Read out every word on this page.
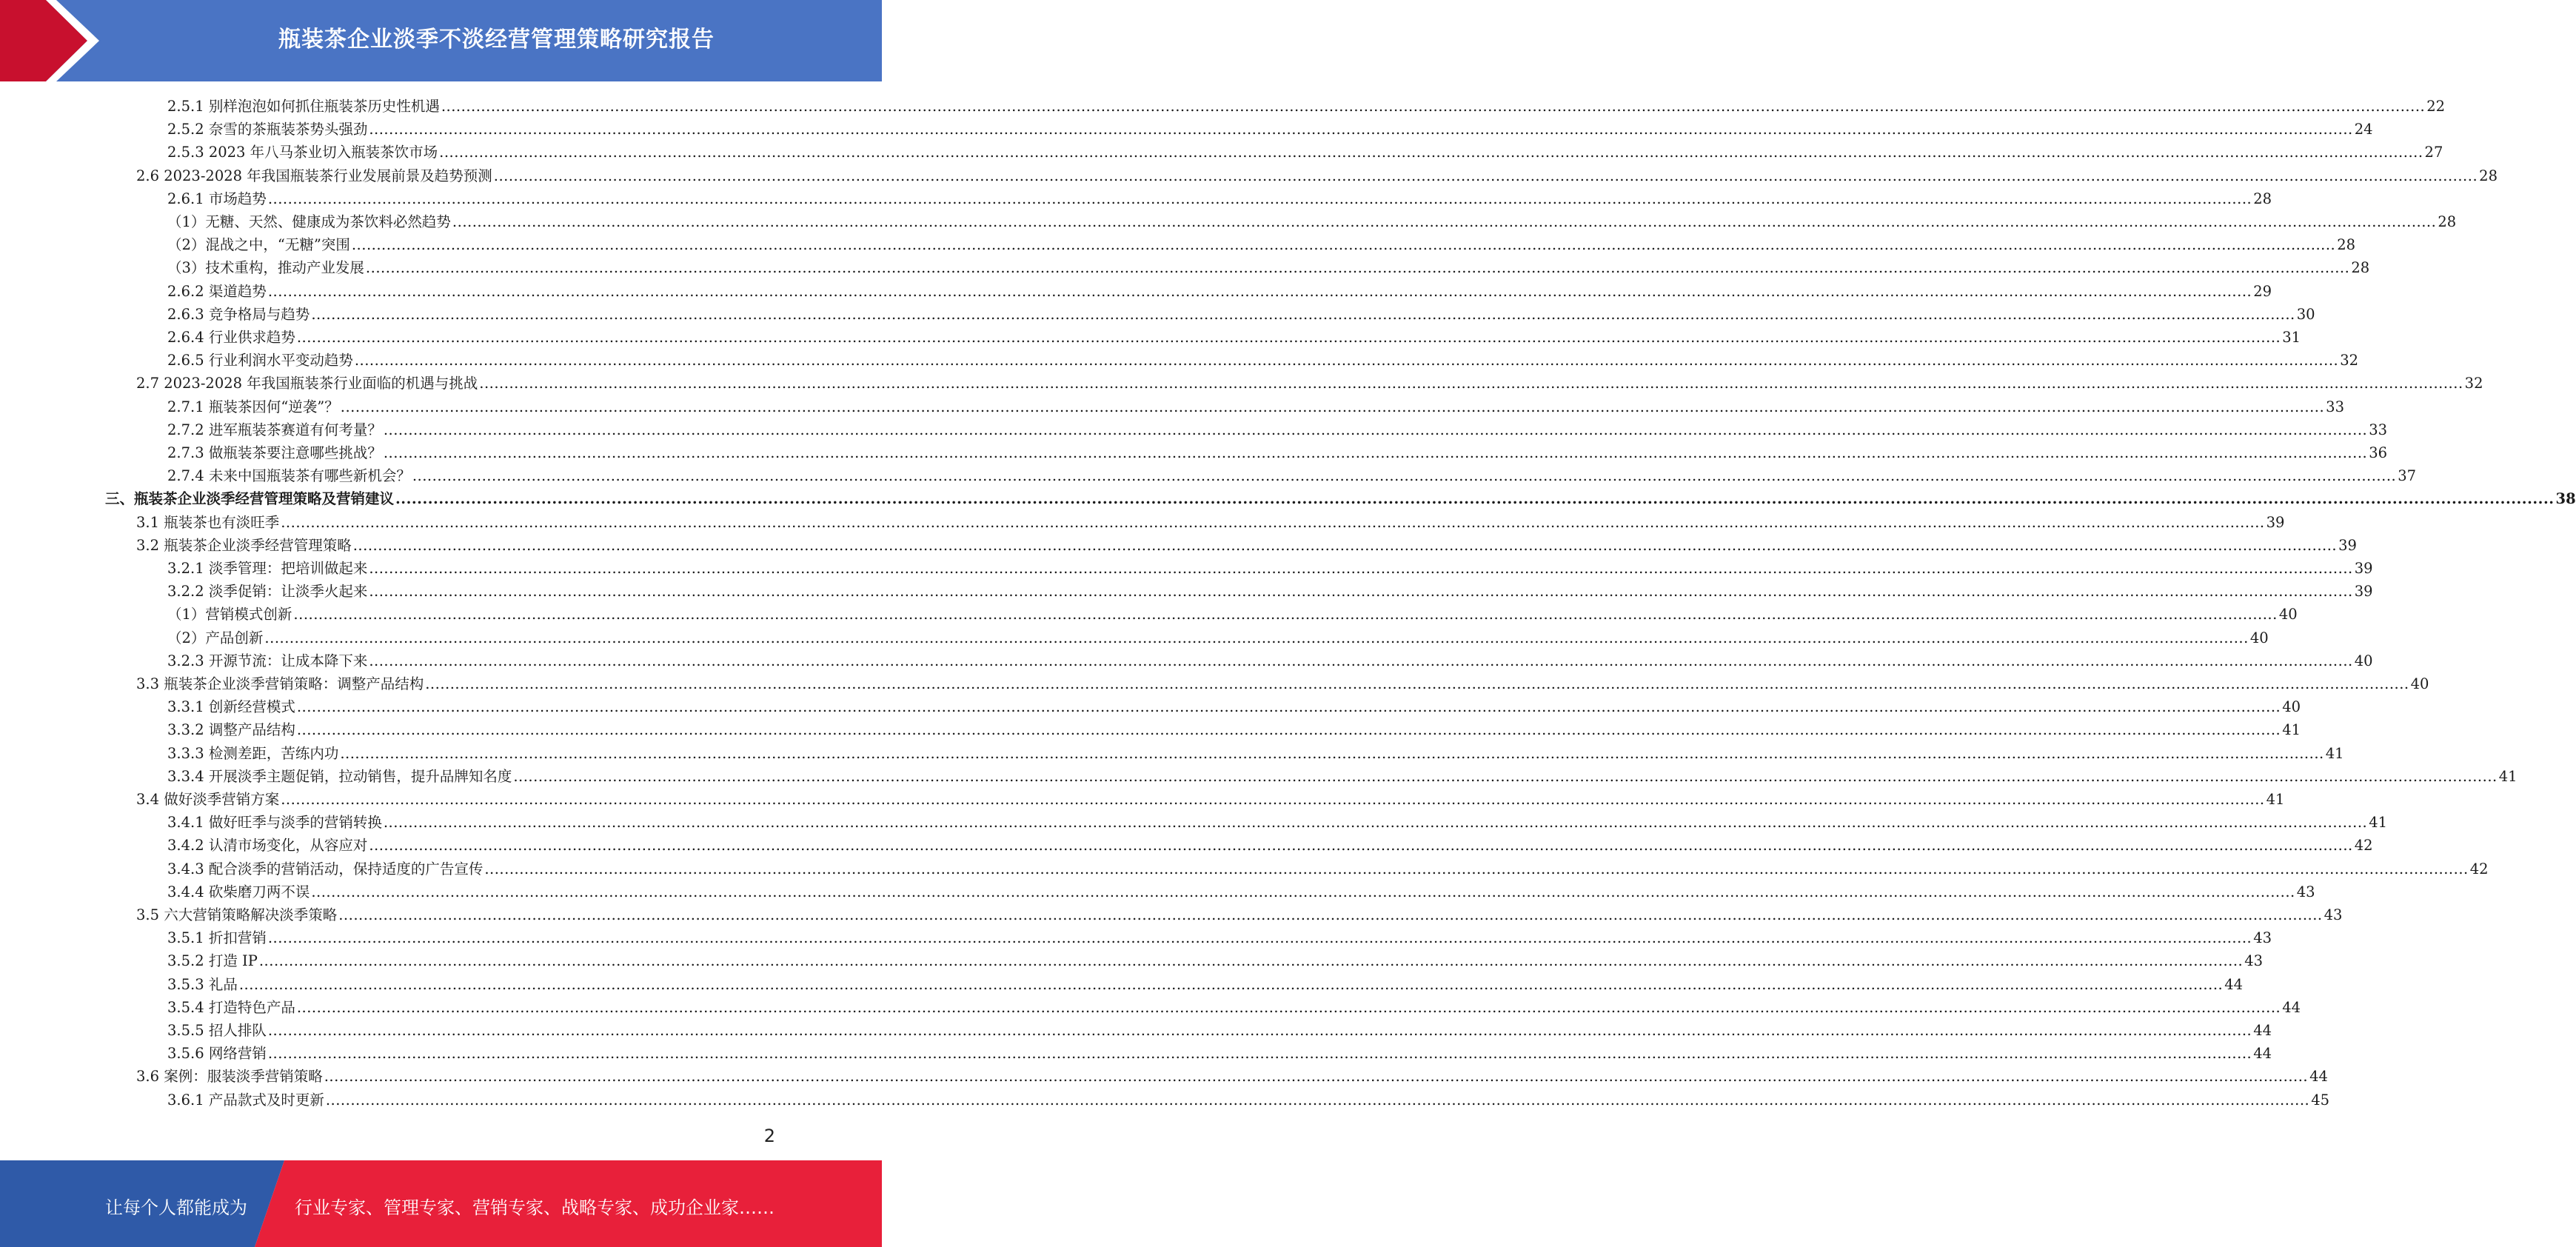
瓶装茶企业淡季不淡经营管理策略研究报告
2.5.1 别样泡泡如何抓住瓶装茶历史性机遇 ................................................................................................................................................................................................................................................................................................................................................................................................................ 22
2.5.2 奈雪的茶瓶装茶势头强劲 ................................................................................................................................................................................................................................................................................................................................................................................................................ 24
2.5.3 2023 年八马茶业切入瓶装茶饮市场 ................................................................................................................................................................................................................................................................................................................................................................................................................ 27
2.6 2023-2028 年我国瓶装茶行业发展前景及趋势预测 ................................................................................................................................................................................................................................................................................................................................................................................................................ 28
2.6.1 市场趋势 ................................................................................................................................................................................................................................................................................................................................................................................................................ 28
（1）无糖、天然、健康成为茶饮料必然趋势 ................................................................................................................................................................................................................................................................................................................................................................................................................ 28
（2）混战之中，“无糖”突围 ................................................................................................................................................................................................................................................................................................................................................................................................................ 28
（3）技术重构，推动产业发展 ................................................................................................................................................................................................................................................................................................................................................................................................................ 28
2.6.2 渠道趋势 ................................................................................................................................................................................................................................................................................................................................................................................................................ 29
2.6.3 竞争格局与趋势 ................................................................................................................................................................................................................................................................................................................................................................................................................ 30
2.6.4 行业供求趋势 ................................................................................................................................................................................................................................................................................................................................................................................................................ 31
2.6.5 行业利润水平变动趋势 ................................................................................................................................................................................................................................................................................................................................................................................................................ 32
2.7 2023-2028 年我国瓶装茶行业面临的机遇与挑战 ................................................................................................................................................................................................................................................................................................................................................................................................................ 32
2.7.1 瓶装茶因何“逆袭”？ ................................................................................................................................................................................................................................................................................................................................................................................................................ 33
2.7.2 进军瓶装茶赛道有何考量？ ................................................................................................................................................................................................................................................................................................................................................................................................................ 33
2.7.3 做瓶装茶要注意哪些挑战？ ................................................................................................................................................................................................................................................................................................................................................................................................................ 36
2.7.4 未来中国瓶装茶有哪些新机会？ ................................................................................................................................................................................................................................................................................................................................................................................................................ 37
三、瓶装茶企业淡季经营管理策略及营销建议 ................................................................................................................................................................................................................................................................................................................................................................................................................ 38
3.1 瓶装茶也有淡旺季 ................................................................................................................................................................................................................................................................................................................................................................................................................ 39
3.2 瓶装茶企业淡季经营管理策略 ................................................................................................................................................................................................................................................................................................................................................................................................................ 39
3.2.1 淡季管理：把培训做起来 ................................................................................................................................................................................................................................................................................................................................................................................................................ 39
3.2.2 淡季促销：让淡季火起来 ................................................................................................................................................................................................................................................................................................................................................................................................................ 39
（1）营销模式创新 ................................................................................................................................................................................................................................................................................................................................................................................................................ 40
（2）产品创新 ................................................................................................................................................................................................................................................................................................................................................................................................................ 40
3.2.3 开源节流：让成本降下来 ................................................................................................................................................................................................................................................................................................................................................................................................................ 40
3.3 瓶装茶企业淡季营销策略：调整产品结构 ................................................................................................................................................................................................................................................................................................................................................................................................................ 40
3.3.1 创新经营模式 ................................................................................................................................................................................................................................................................................................................................................................................................................ 40
3.3.2 调整产品结构 ................................................................................................................................................................................................................................................................................................................................................................................................................ 41
3.3.3 检测差距，苦练内功 ................................................................................................................................................................................................................................................................................................................................................................................................................ 41
3.3.4 开展淡季主题促销，拉动销售，提升品牌知名度 ................................................................................................................................................................................................................................................................................................................................................................................................................ 41
3.4 做好淡季营销方案 ................................................................................................................................................................................................................................................................................................................................................................................................................ 41
3.4.1 做好旺季与淡季的营销转换 ................................................................................................................................................................................................................................................................................................................................................................................................................ 41
3.4.2 认清市场变化，从容应对 ................................................................................................................................................................................................................................................................................................................................................................................................................ 42
3.4.3 配合淡季的营销活动，保持适度的广告宣传 ................................................................................................................................................................................................................................................................................................................................................................................................................ 42
3.4.4 砍柴磨刀两不误 ................................................................................................................................................................................................................................................................................................................................................................................................................ 43
3.5 六大营销策略解决淡季策略 ................................................................................................................................................................................................................................................................................................................................................................................................................ 43
3.5.1 折扣营销 ................................................................................................................................................................................................................................................................................................................................................................................................................ 43
3.5.2 打造 IP ................................................................................................................................................................................................................................................................................................................................................................................................................ 43
3.5.3 礼品 ................................................................................................................................................................................................................................................................................................................................................................................................................ 44
3.5.4 打造特色产品 ................................................................................................................................................................................................................................................................................................................................................................................................................ 44
3.5.5 招人排队 ................................................................................................................................................................................................................................................................................................................................................................................................................ 44
3.5.6 网络营销 ................................................................................................................................................................................................................................................................................................................................................................................................................ 44
3.6 案例：服装淡季营销策略 ................................................................................................................................................................................................................................................................................................................................................................................................................ 44
3.6.1 产品款式及时更新 ................................................................................................................................................................................................................................................................................................................................................................................................................ 45
2
让每个人都能成为	行业专家、管理专家、营销专家、战略专家、成功企业家……
